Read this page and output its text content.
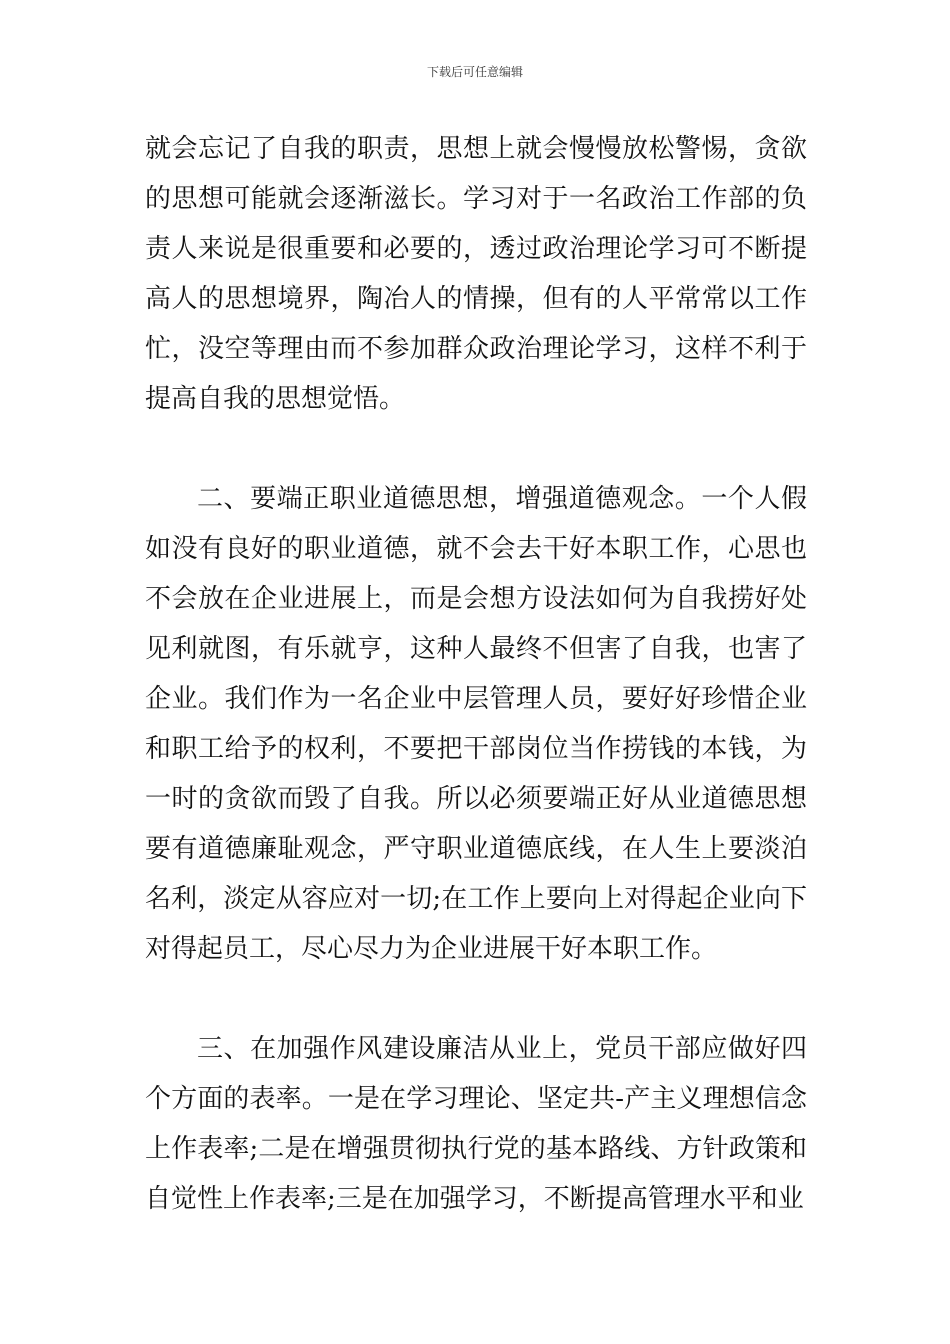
下载后可任意编辑

就会忘记了自我的职责，思想上就会慢慢放松警惕，贪欲的思想可能就会逐渐滋长。学习对于一名政治工作部的负责人来说是很重要和必要的，透过政治理论学习可不断提高人的思想境界，陶冶人的情操，但有的人平常常以工作忙，没空等理由而不参加群众政治理论学习，这样不利于提高自我的思想觉悟。

二、要端正职业道德思想，增强道德观念。一个人假如没有良好的职业道德，就不会去干好本职工作，心思也不会放在企业进展上，而是会想方设法如何为自我捞好处见利就图，有乐就亨，这种人最终不但害了自我，也害了企业。我们作为一名企业中层管理人员，要好好珍惜企业和职工给予的权利，不要把干部岗位当作捞钱的本钱，为一时的贪欲而毁了自我。所以必须要端正好从业道德思想要有道德廉耻观念，严守职业道德底线，在人生上要淡泊名利，淡定从容应对一切;在工作上要向上对得起企业向下对得起员工，尽心尽力为企业进展干好本职工作。

三、在加强作风建设廉洁从业上，党员干部应做好四个方面的表率。一是在学习理论、坚定共-产主义理想信念上作表率;二是在增强贯彻执行党的基本路线、方针政策和自觉性上作表率;三是在加强学习，不断提高管理水平和业
